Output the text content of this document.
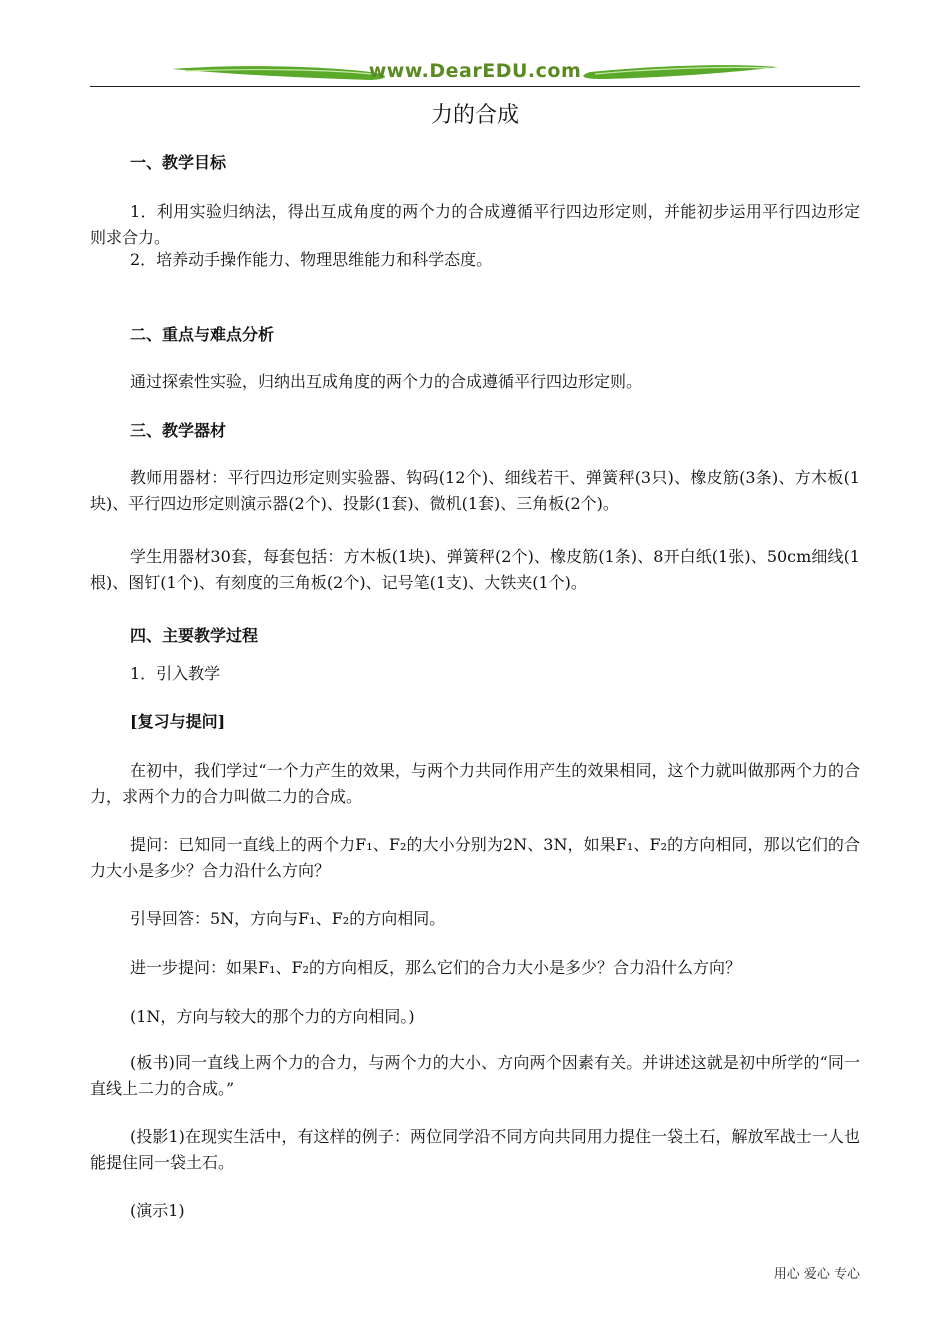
www.DearEDU.com
力的合成
一、教学目标
1．利用实验归纳法，得出互成角度的两个力的合成遵循平行四边形定则，并能初步运用平行四边形定则求合力。
2．培养动手操作能力、物理思维能力和科学态度。
二、重点与难点分析
通过探索性实验，归纳出互成角度的两个力的合成遵循平行四边形定则。
三、教学器材
教师用器材：平行四边形定则实验器、钩码(12个)、细线若干、弹簧秤(3只)、橡皮筋(3条)、方木板(1块)、平行四边形定则演示器(2个)、投影(1套)、微机(1套)、三角板(2个)。
学生用器材30套，每套包括：方木板(1块)、弹簧秤(2个)、橡皮筋(1条)、8开白纸(1张)、50cm细线(1根)、图钉(1个)、有刻度的三角板(2个)、记号笔(1支)、大铁夹(1个)。
四、主要教学过程
1．引入教学
[复习与提问]
在初中，我们学过“一个力产生的效果，与两个力共同作用产生的效果相同，这个力就叫做那两个力的合力，求两个力的合力叫做二力的合成。
提问：已知同一直线上的两个力F₁、F₂的大小分别为2N、3N，如果F₁、F₂的方向相同，那以它们的合力大小是多少？合力沿什么方向？
引导回答：5N，方向与F₁、F₂的方向相同。
进一步提问：如果F₁、F₂的方向相反，那么它们的合力大小是多少？合力沿什么方向？
(1N，方向与较大的那个力的方向相同。)
(板书)同一直线上两个力的合力，与两个力的大小、方向两个因素有关。并讲述这就是初中所学的“同一直线上二力的合成。”
(投影1)在现实生活中，有这样的例子：两位同学沿不同方向共同用力提住一袋土石，解放军战士一人也能提住同一袋土石。
(演示1)
用心 爱心 专心
